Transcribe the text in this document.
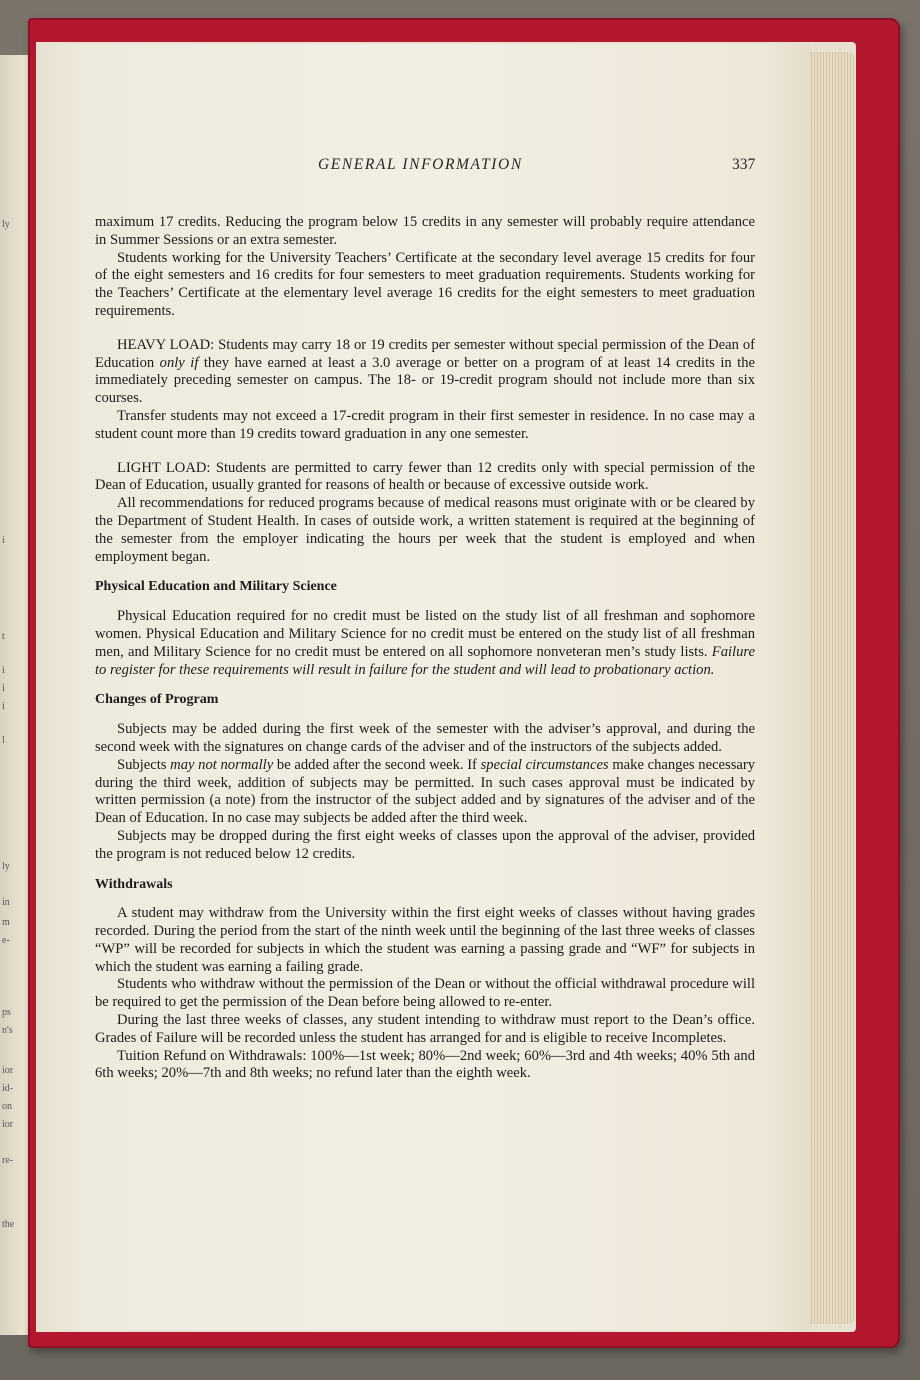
ly
i
t
i
i
i
l
ly
in
m
e-
ps
n's
ior
id-
on
ior
re-
the
GENERAL INFORMATION	337

maximum 17 credits. Reducing the program below 15 credits in any semester will probably require attendance in Summer Sessions or an extra semester.

Students working for the University Teachers’ Certificate at the secondary level average 15 credits for four of the eight semesters and 16 credits for four semesters to meet graduation requirements. Students working for the Teachers’ Certificate at the elementary level average 16 credits for the eight semesters to meet graduation requirements.

HEAVY LOAD: Students may carry 18 or 19 credits per semester without special permission of the Dean of Education only if they have earned at least a 3.0 average or better on a program of at least 14 credits in the immediately preceding semester on campus. The 18- or 19-credit program should not include more than six courses.

Transfer students may not exceed a 17-credit program in their first semester in residence. In no case may a student count more than 19 credits toward graduation in any one semester.

LIGHT LOAD: Students are permitted to carry fewer than 12 credits only with special permission of the Dean of Education, usually granted for reasons of health or because of excessive outside work.

All recommendations for reduced programs because of medical reasons must originate with or be cleared by the Department of Student Health. In cases of outside work, a written statement is required at the beginning of the semester from the employer indicating the hours per week that the student is employed and when employment began.

Physical Education and Military Science

Physical Education required for no credit must be listed on the study list of all freshman and sophomore women. Physical Education and Military Science for no credit must be entered on the study list of all freshman men, and Military Science for no credit must be entered on all sophomore nonveteran men’s study lists. Failure to register for these requirements will result in failure for the student and will lead to probationary action.

Changes of Program

Subjects may be added during the first week of the semester with the adviser’s approval, and during the second week with the signatures on change cards of the adviser and of the instructors of the subjects added.

Subjects may not normally be added after the second week. If special circumstances make changes necessary during the third week, addition of subjects may be permitted. In such cases approval must be indicated by written permission (a note) from the instructor of the subject added and by signatures of the adviser and of the Dean of Education. In no case may subjects be added after the third week.

Subjects may be dropped during the first eight weeks of classes upon the approval of the adviser, provided the program is not reduced below 12 credits.

Withdrawals

A student may withdraw from the University within the first eight weeks of classes without having grades recorded. During the period from the start of the ninth week until the beginning of the last three weeks of classes “WP” will be recorded for subjects in which the student was earning a passing grade and “WF” for subjects in which the student was earning a failing grade.

Students who withdraw without the permission of the Dean or without the official withdrawal procedure will be required to get the permission of the Dean before being allowed to re-enter.

During the last three weeks of classes, any student intending to withdraw must report to the Dean’s office. Grades of Failure will be recorded unless the student has arranged for and is eligible to receive Incompletes.

Tuition Refund on Withdrawals: 100%—1st week; 80%—2nd week; 60%—3rd and 4th weeks; 40% 5th and 6th weeks; 20%—7th and 8th weeks; no refund later than the eighth week.
